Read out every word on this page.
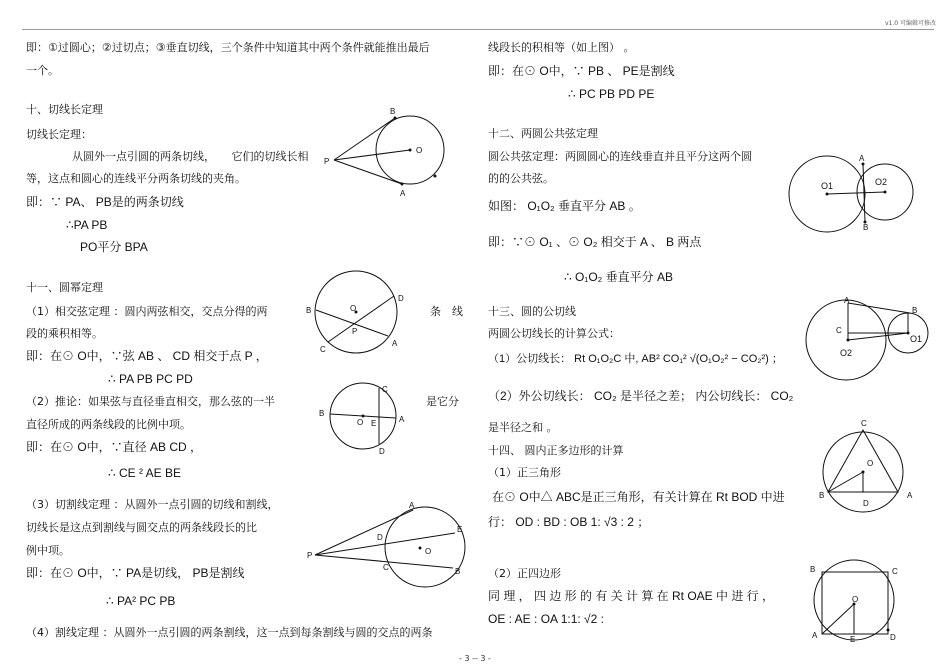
v1.0 可编辑可修改
即：①过圆心；②过切点；③垂直切线，三个条件中知道其中两个条件就能推出最后
一个。
十、切线长定理
切线长定理：
从圆外一点引圆的两条切线，　　它们的切线长相
等，这点和圆心的连线平分两条切线的夹角。
即：∵ PA、 PB是的两条切线
∴PA PB
PO平分 BPA
十一、圆幂定理
（1）相交弦定理 ：圆内两弦相交，交点分得的两	条　线
段的乘积相等。
即：在⊙ O中，∵弦 AB 、 CD 相交于点 P ，
∴ PA PB PC PD
（2）推论：如果弦与直径垂直相交，那么弦的一半	是它分
直径所成的两条线段的比例中项。
即：在⊙ O中，∵直径 AB CD ，
∴ CE ² AE BE
（3）切割线定理 ：从圆外一点引圆的切线和割线，
切线长是这点到割线与圆交点的两条线段长的比
例中项。
即：在⊙ O中，∵ PA是切线， PB是割线
∴ PA² PC PB
（4）割线定理 ：从圆外一点引圆的两条割线，这一点到每条割线与圆的交点的两条
线段长的积相等（如上图） 。
即：在⊙ O中，∵ PB 、 PE是割线
∴ PC PB PD PE
十二、两圆公共弦定理
圆公共弦定理：两圆圆心的连线垂直并且平分这两个圆
的的公共弦。
如图： O₁O₂ 垂直平分 AB 。
即：∵⊙ O₁ 、⊙ O₂ 相交于 A 、 B 两点
∴ O₁O₂ 垂直平分 AB
十三、圆的公切线
两圆公切线长的计算公式：
（1）公切线长： Rt O₁O₂C 中, AB² CO₁² √(O₁O₂² − CO₂²) ；
（2）外公切线长： CO₂ 是半径之差； 内公切线长： CO₂
是半径之和 。
十四、 圆内正多边形的计算
（1）正三角形
在⊙ O中△ ABC是正三角形，有关计算在 Rt BOD 中进
行： OD : BD : OB 1: √3 : 2 ；
（2）正四边形
同 理 ， 四 边 形 的 有 关 计 算 在 Rt OAE 中 进 行 ，
OE : AE : OA 1:1: √2 :
P
O
B
A
B
A
C
D
O
P
B
A
C
D
O E
P
A
E
D
C	B
O
O1	O2
A
B
A
B
C
O2
O1
C
B	A
D
O
B	C
A	D
E
O
- 3 -- 3 -
